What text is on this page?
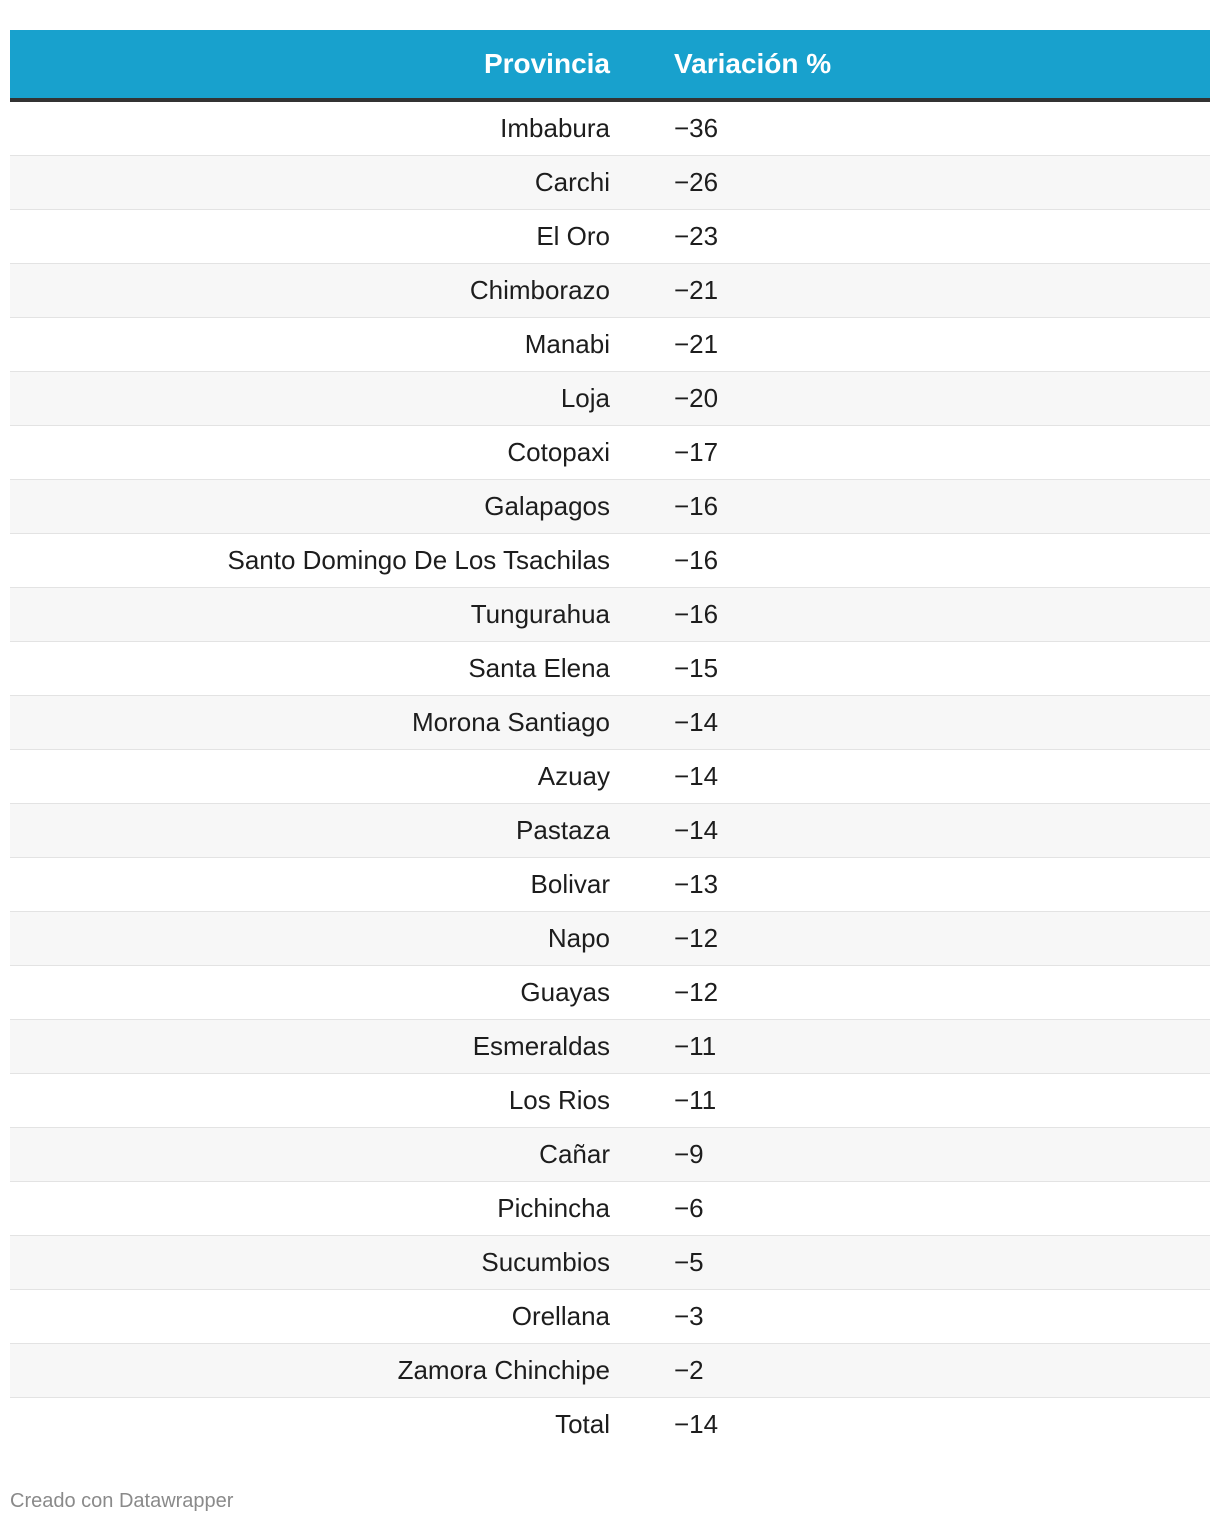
Provincia Variación %
Imbabura −36
Carchi −26
El Oro −23
Chimborazo −21
Manabi −21
Loja −20
Cotopaxi −17
Galapagos −16
Santo Domingo De Los Tsachilas −16
Tungurahua −16
Santa Elena −15
Morona Santiago −14
Azuay −14
Pastaza −14
Bolivar −13
Napo −12
Guayas −12
Esmeraldas −11
Los Rios −11
Cañar −9
Pichincha −6
Sucumbios −5
Orellana −3
Zamora Chinchipe −2
Total −14
Creado con Datawrapper
